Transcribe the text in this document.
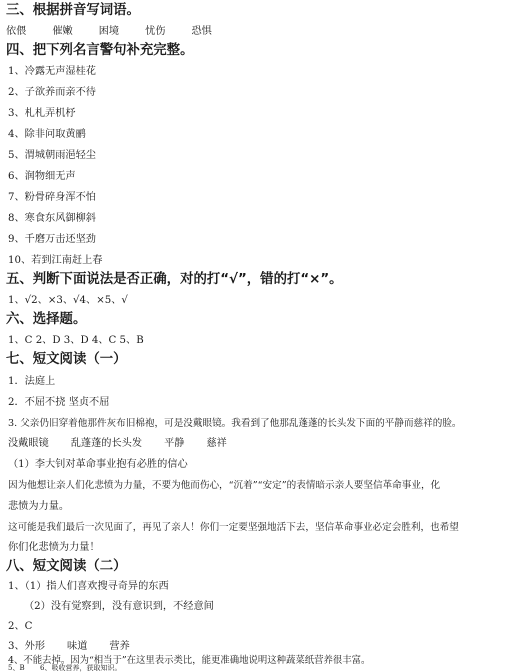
三、根据拼音写词语。
依偎	催嫩	困境	忧伤	恐惧
四、把下列名言警句补充完整。
1、冷露无声湿桂花
2、子欲养而亲不待
3、札札弄机杼
4、除非问取黄鹂
5、渭城朝雨浥轻尘
6、润物细无声
7、粉骨碎身浑不怕
8、寒食东风御柳斜
9、千磨万击还坚劲
10、若到江南赶上春
五、判断下面说法是否正确，对的打“√”，错的打“×”。
1、√2、×3、√4、×5、√
六、选择题。
1、C 2、D 3、D 4、C 5、B
七、短文阅读（一）
1．法庭上
2．不屈不挠 坚贞不屈
3. 父亲仍旧穿着他那件灰布旧棉袍，可是没戴眼镜。我看到了他那乱蓬蓬的长头发下面的平静而慈祥的脸。
没戴眼镜 乱蓬蓬的长头发 平静 慈祥
（1）李大钊对革命事业抱有必胜的信心
因为他想让亲人们化悲愤为力量，不要为他而伤心，“沉着”“安定”的表情暗示亲人要坚信革命事业，化
悲愤为力量。
这可能是我们最后一次见面了，再见了亲人！你们一定要坚强地活下去，坚信革命事业必定会胜利，也希望
你们化悲愤为力量！
八、短文阅读（二）
1、（1）指人们喜欢搜寻奇异的东西
（2）没有觉察到，没有意识到，不经意间
2、C
3、外形 味道 营养
4、不能去掉。因为“相当于”在这里表示类比，能更准确地说明这种蔬菜纸营养很丰富。
5、B 6、吸收营养，获取知识。
